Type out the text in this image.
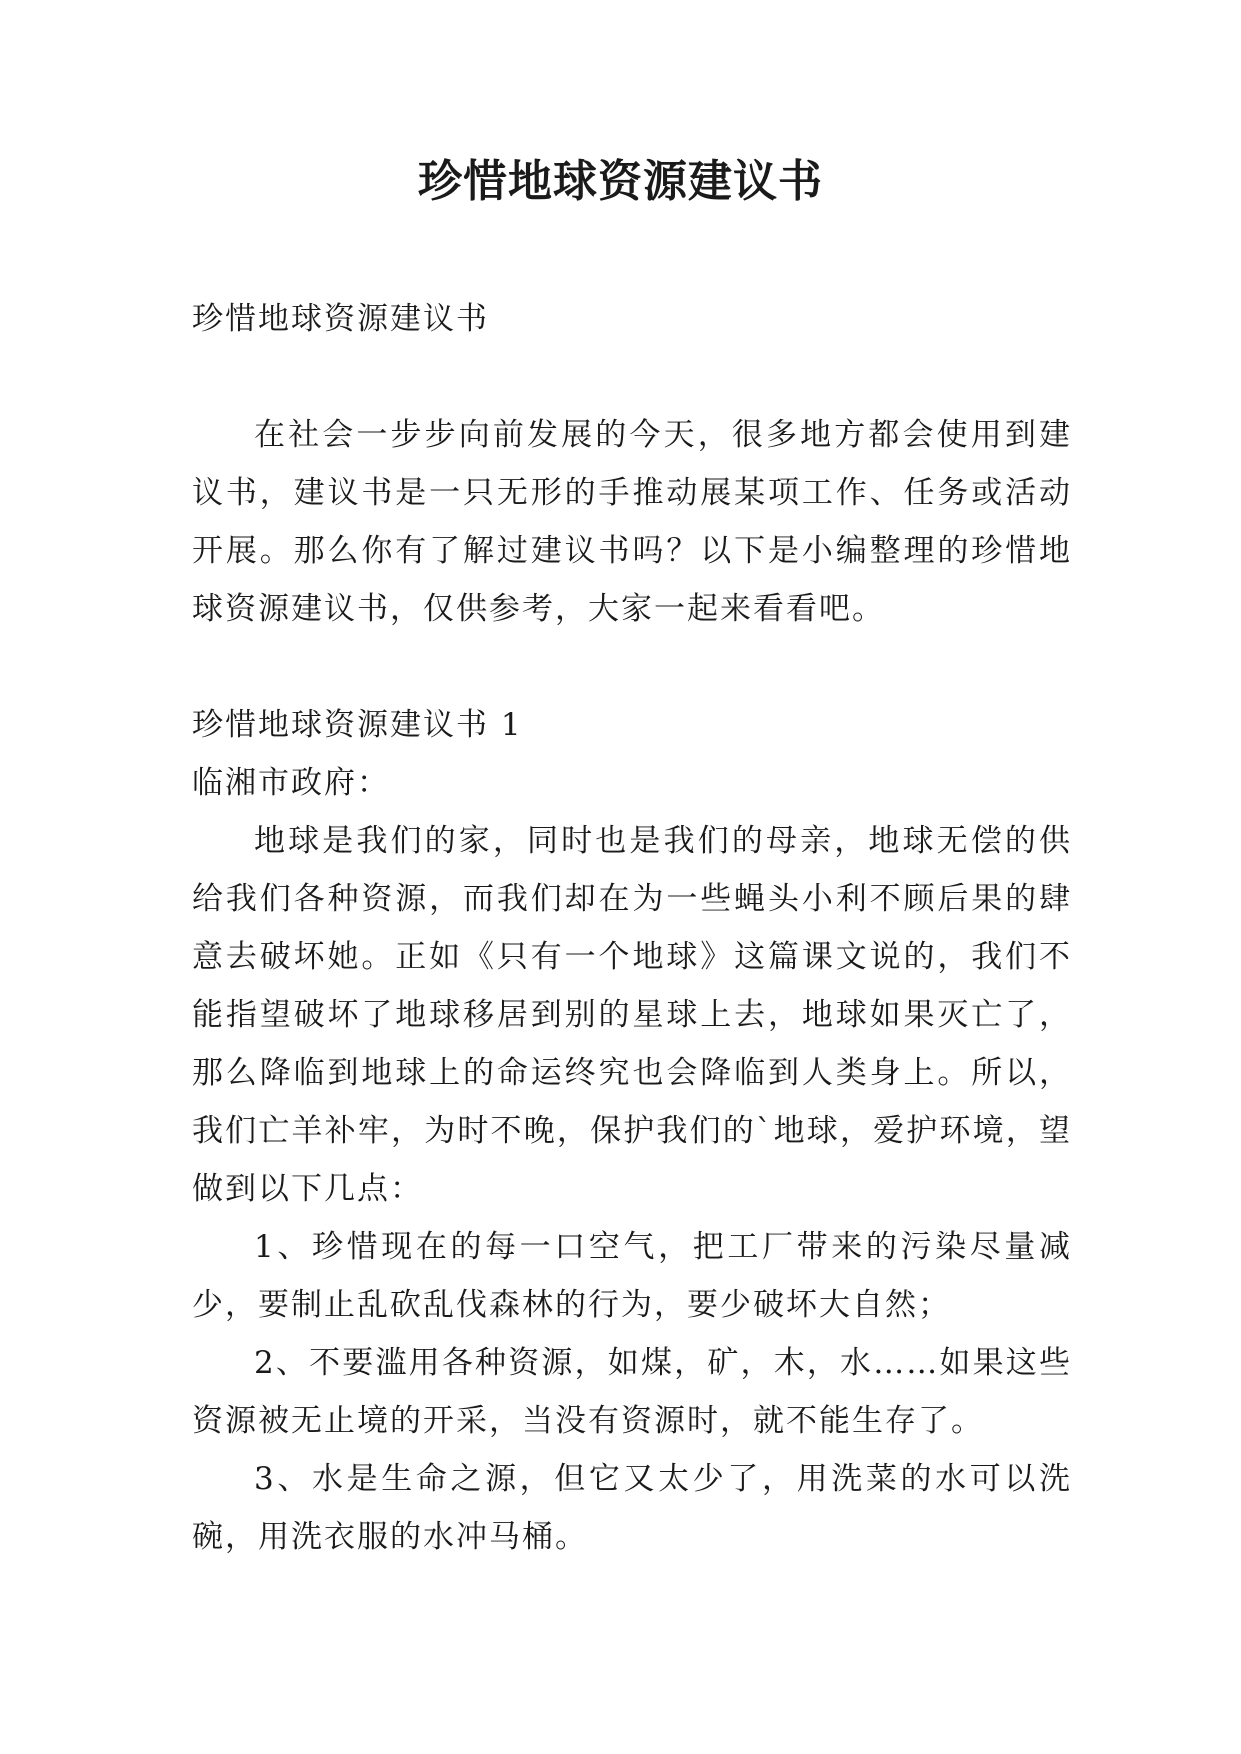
珍惜地球资源建议书

珍惜地球资源建议书

在社会一步步向前发展的今天，很多地方都会使用到建议书，建议书是一只无形的手推动展某项工作、任务或活动开展。那么你有了解过建议书吗？以下是小编整理的珍惜地球资源建议书，仅供参考，大家一起来看看吧。

珍惜地球资源建议书 1

临湘市政府：

地球是我们的家，同时也是我们的母亲，地球无偿的供给我们各种资源，而我们却在为一些蝇头小利不顾后果的肆意去破坏她。正如《只有一个地球》这篇课文说的，我们不能指望破坏了地球移居到别的星球上去，地球如果灭亡了，那么降临到地球上的命运终究也会降临到人类身上。所以，我们亡羊补牢，为时不晚，保护我们的`地球，爱护环境，望做到以下几点：

1、珍惜现在的每一口空气，把工厂带来的污染尽量减少，要制止乱砍乱伐森林的行为，要少破坏大自然；

2、不要滥用各种资源，如煤，矿，木，水……如果这些资源被无止境的开采，当没有资源时，就不能生存了。

3、水是生命之源，但它又太少了，用洗菜的水可以洗碗，用洗衣服的水冲马桶。
